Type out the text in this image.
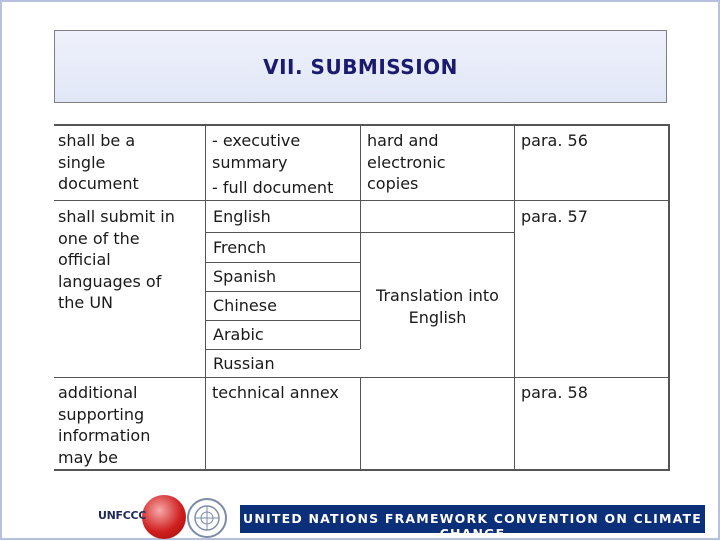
VII. SUBMISSION
shall be a
single
document
- executive
summary
- full document
hard and
electronic
copies
para. 56
shall submit in
one of the
official
languages of
the UN
English
French
Spanish
Chinese
Arabic
Russian
Translation into
English
para. 57
additional
supporting
information
may be
technical annex	para. 58
UNFCCC	UNITED NATIONS FRAMEWORK CONVENTION ON CLIMATE CHANGE
